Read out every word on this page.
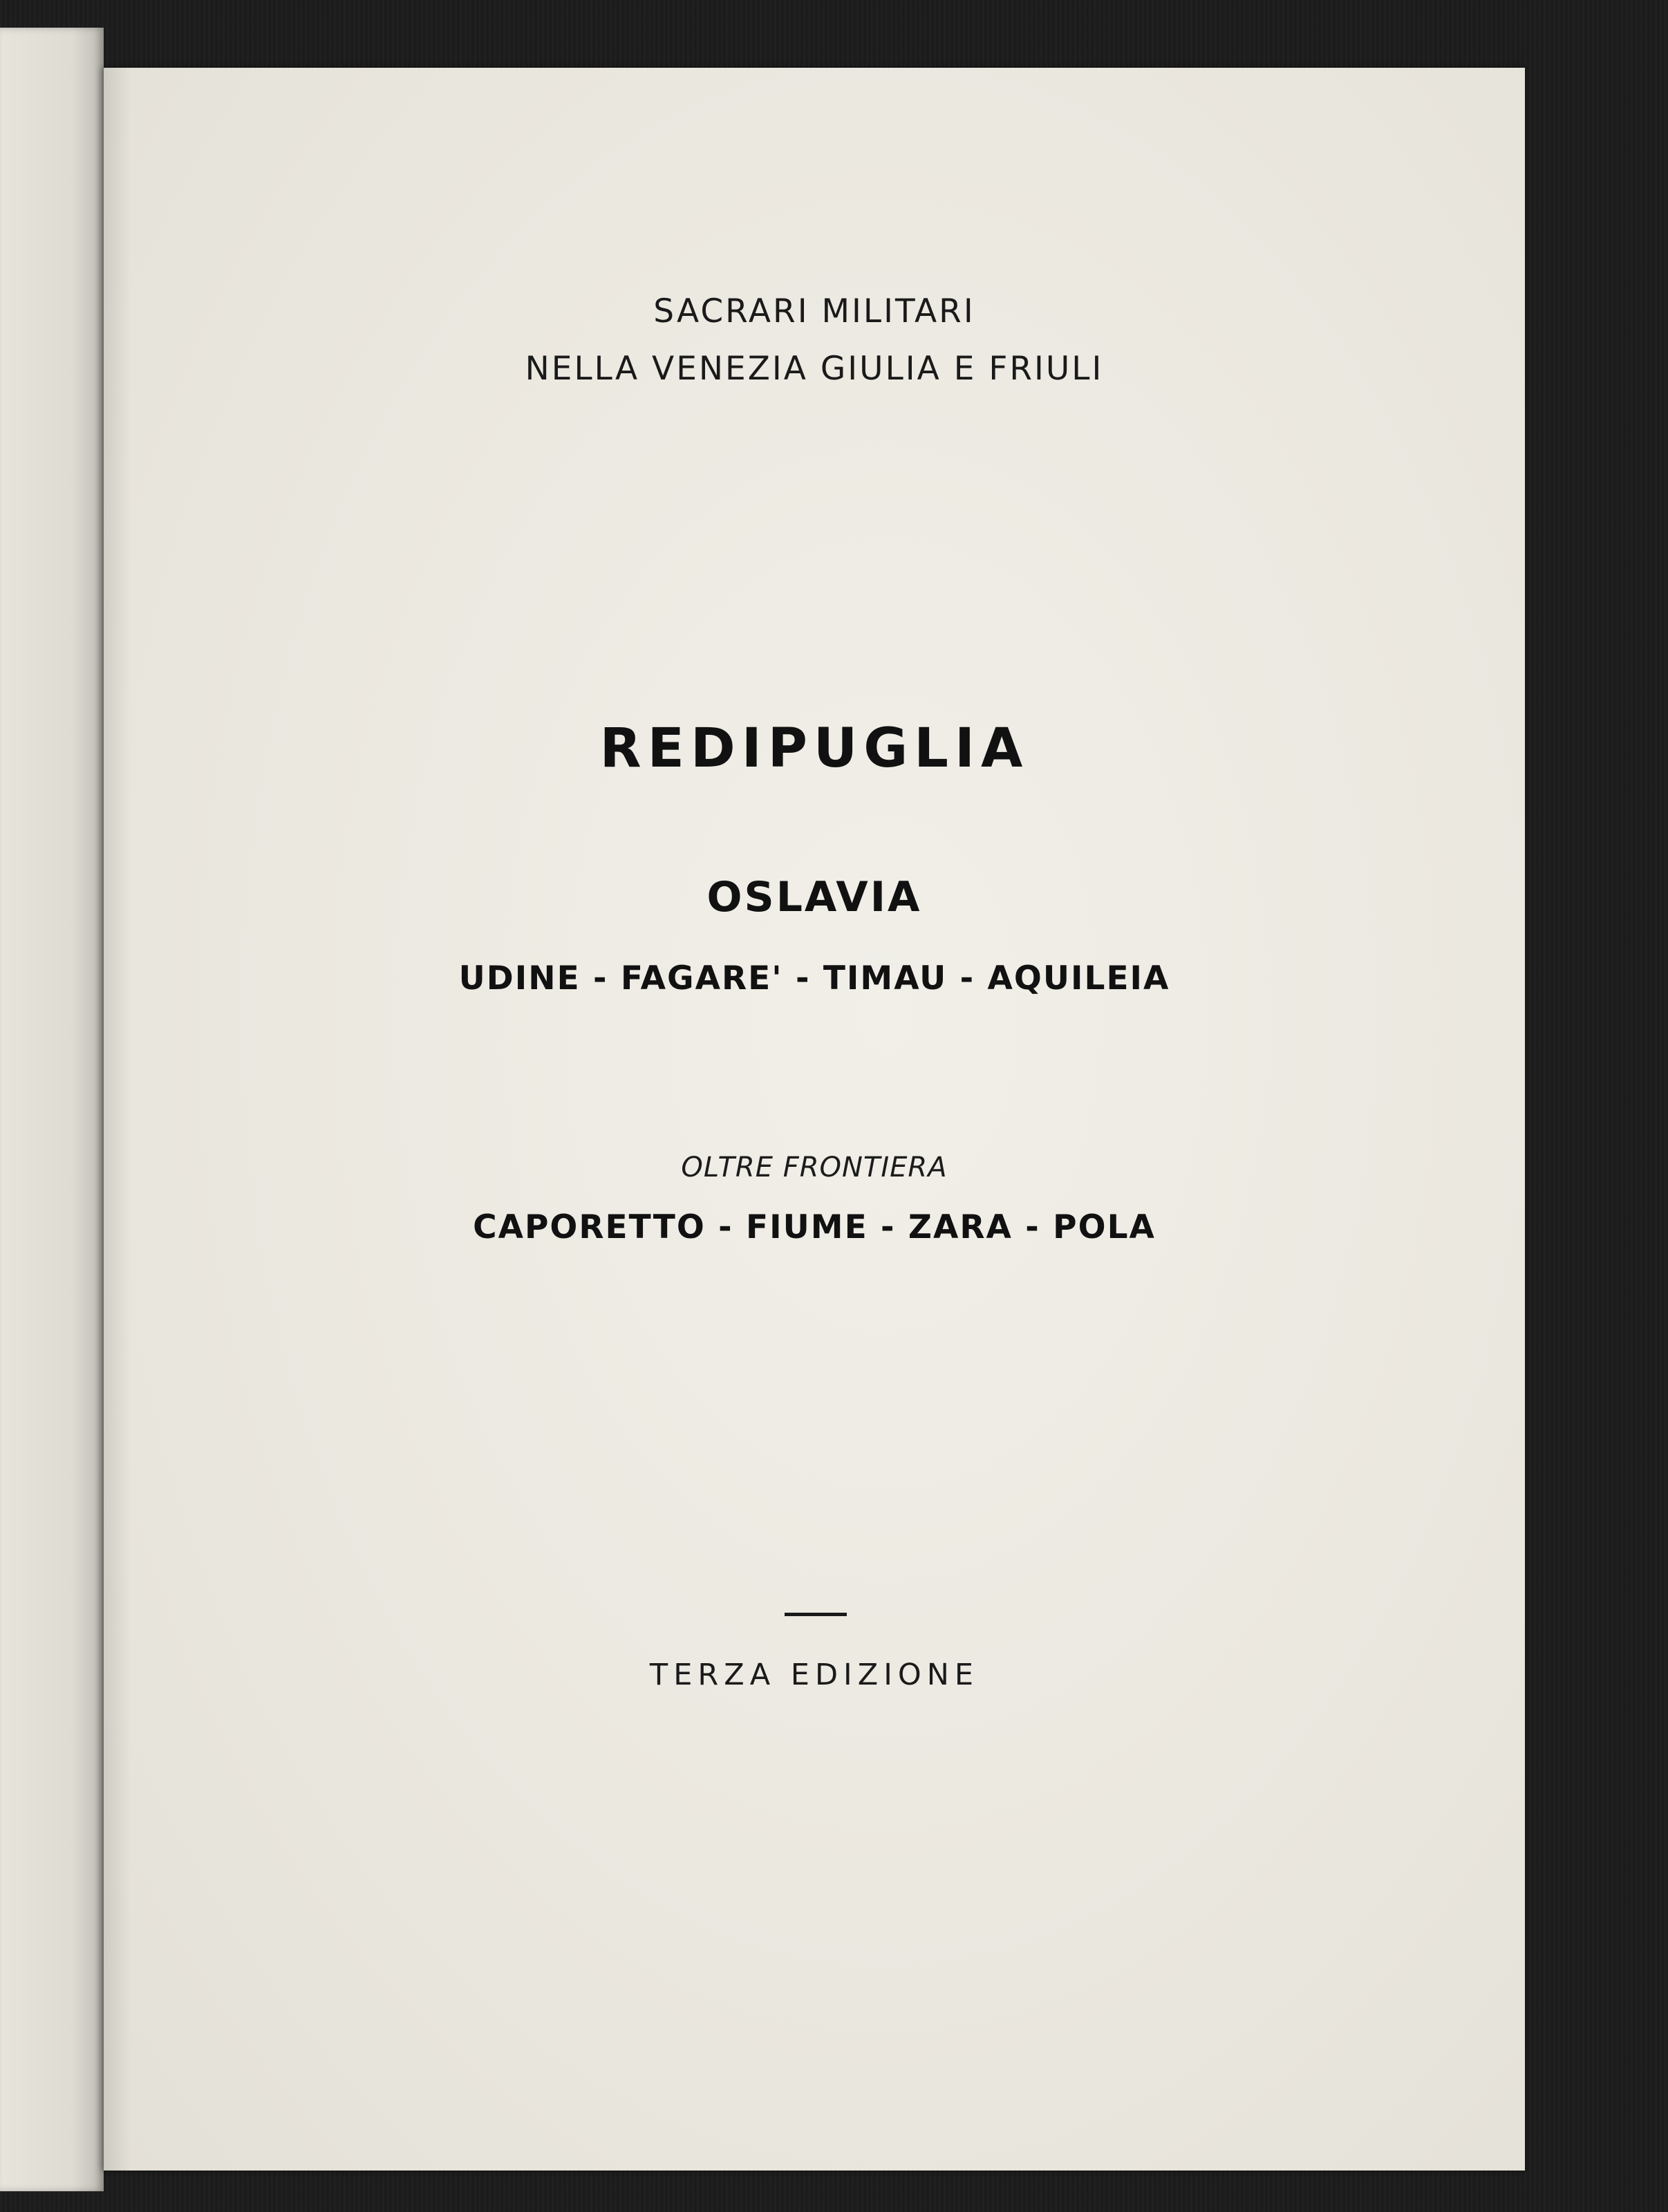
SACRARI MILITARI
NELLA VENEZIA GIULIA E FRIULI
REDIPUGLIA
OSLAVIA
UDINE - FAGARE' - TIMAU - AQUILEIA
OLTRE FRONTIERA
CAPORETTO - FIUME - ZARA - POLA
TERZA EDIZIONE
